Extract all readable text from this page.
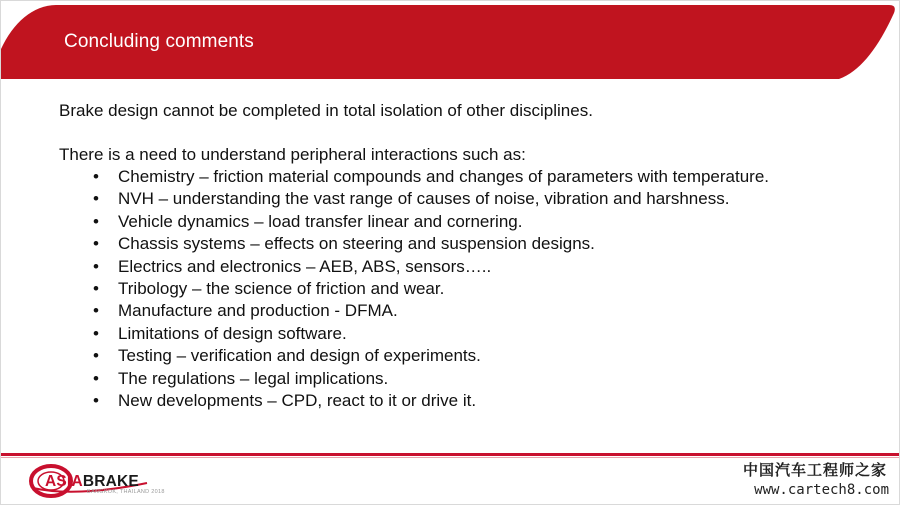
Concluding comments

Brake design cannot be completed in total isolation of other disciplines.

There is a need to understand peripheral interactions such as:

• Chemistry – friction material compounds and changes of parameters with temperature.
• NVH – understanding the vast range of causes of noise, vibration and harshness.
• Vehicle dynamics – load transfer linear and cornering.
• Chassis systems – effects on steering and suspension designs.
• Electrics and electronics – AEB, ABS, sensors…..
• Tribology – the science of friction and wear.
• Manufacture and production - DFMA.
• Limitations of design software.
• Testing – verification and design of experiments.
• The regulations – legal implications.
• New developments – CPD, react to it or drive it.
ASIABRAKE
BANGKOK, THAILAND 2018
中国汽车工程师之家
www.cartech8.com
